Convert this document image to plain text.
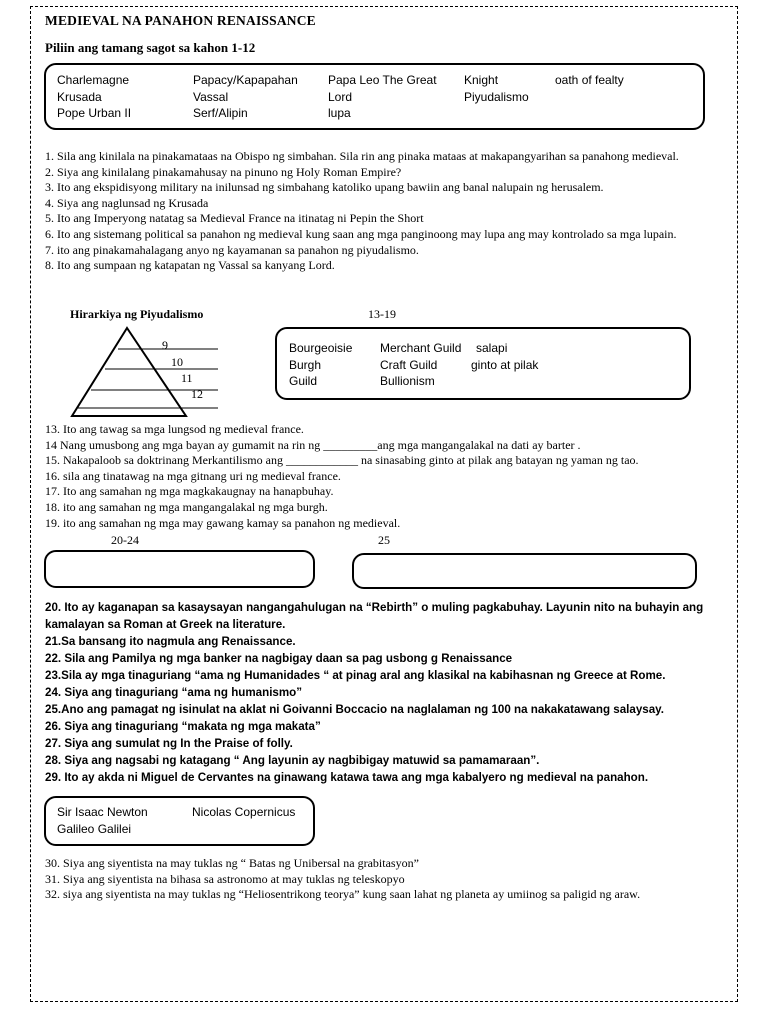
MEDIEVAL NA PANAHON RENAISSANCE
Piliin ang tamang sagot sa kahon 1-12
Charlemagne
Krusada
Pope Urban II
Papacy/Kapapahan
Vassal
Serf/Alipin
Papa Leo The Great
Lord
lupa
Knight
Piyudalismo
oath of fealty
1. Sila ang kinilala na pinakamataas na Obispo ng simbahan. Sila rin ang pinaka mataas at makapangyarihan sa panahong medieval.
2. Siya ang kinilalang pinakamahusay na pinuno ng Holy Roman Empire?
3. Ito ang ekspidisyong military na inilunsad ng simbahang katoliko upang bawiin ang banal nalupain ng herusalem.
4. Siya ang naglunsad ng Krusada
5. Ito ang Imperyong natatag sa Medieval France na itinatag ni Pepin the Short
6. Ito ang sistemang political sa panahon ng medieval kung saan ang mga panginoong may lupa ang may kontrolado sa mga lupain.
7. ito ang pinakamahalagang anyo ng kayamanan sa panahon ng piyudalismo.
8. Ito ang sumpaan ng katapatan ng Vassal sa kanyang Lord.
Hirarkiya ng Piyudalismo
9
10
11
12
13-19
Bourgeoisie
Burgh
Guild
Merchant Guild
Craft Guild
Bullionism
salapi
ginto at pilak
13. Ito ang tawag sa mga lungsod ng medieval france.
14 Nang umusbong ang mga bayan ay gumamit na rin ng _________ang mga mangangalakal na dati ay barter .
15. Nakapaloob sa doktrinang Merkantilismo ang ____________ na sinasabing ginto at pilak ang batayan ng yaman ng tao.
16. sila ang tinatawag na mga gitnang uri ng medieval france.
17. Ito ang samahan ng mga magkakaugnay na hanapbuhay.
18. ito ang samahan ng mga mangangalakal ng mga burgh.
19. ito ang samahan ng mga may gawang kamay sa panahon ng medieval.
20-24	25
20. Ito ay kaganapan sa kasaysayan nangangahulugan na “Rebirth” o muling pagkabuhay. Layunin nito na buhayin ang kamalayan sa Roman at Greek na literature.
21.Sa bansang ito nagmula ang Renaissance.
22. Sila ang Pamilya ng mga banker na nagbigay daan sa pag usbong g Renaissance
23.Sila ay mga tinaguriang “ama ng Humanidades “ at pinag aral ang klasikal na kabihasnan ng Greece at Rome.
24. Siya ang tinaguriang “ama ng humanismo”
25.Ano ang pamagat ng isinulat na aklat ni Goivanni Boccacio na naglalaman ng 100 na nakakatawang salaysay.
26. Siya ang tinaguriang “makata ng mga makata”
27. Siya ang sumulat ng In the Praise of folly.
28. Siya ang nagsabi ng katagang “ Ang layunin ay nagbibigay matuwid sa pamamaraan”.
29. Ito ay akda ni Miguel de Cervantes na ginawang katawa tawa ang mga kabalyero ng medieval na panahon.
Sir Isaac Newton
Galileo Galilei
Nicolas Copernicus
30. Siya ang siyentista na may tuklas ng “ Batas ng Unibersal na grabitasyon”
31. Siya ang siyentista na bihasa sa astronomo at may tuklas ng teleskopyo
32. siya ang siyentista na may tuklas ng “Heliosentrikong teorya” kung saan lahat ng planeta ay umiinog sa paligid ng araw.
